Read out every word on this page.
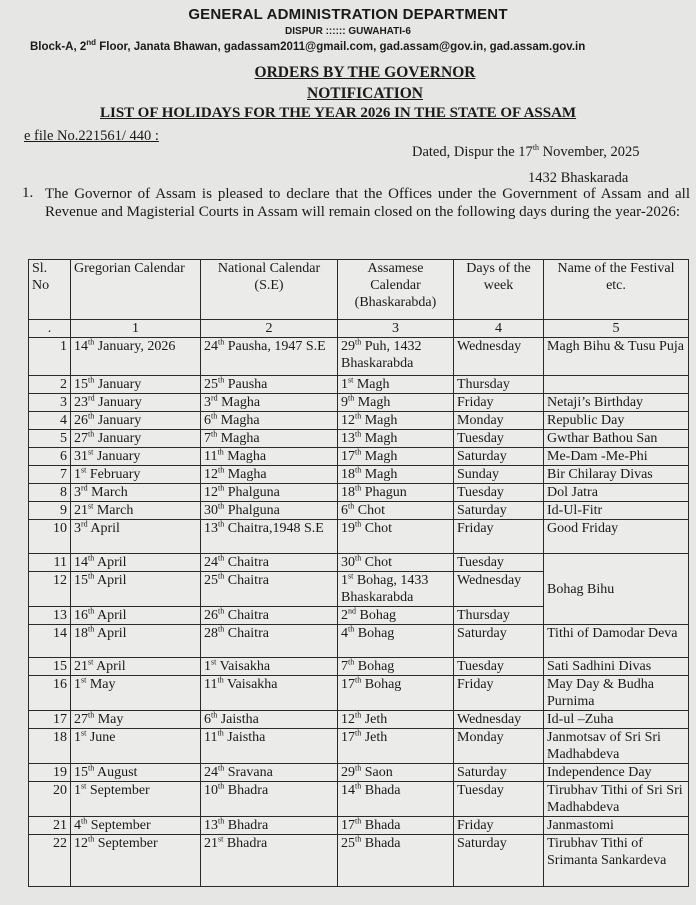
GENERAL ADMINISTRATION DEPARTMENT
DISPUR :::::: GUWAHATI-6
Block-A, 2nd Floor, Janata Bhawan, gadassam2011@gmail.com, gad.assam@gov.in, gad.assam.gov.in
ORDERS BY THE GOVERNOR
NOTIFICATION
LIST OF HOLIDAYS FOR THE YEAR 2026 IN THE STATE OF ASSAM
e file No.221561/ 440 :
Dated, Dispur the 17th November, 2025
1432 Bhaskarada
1. The Governor of Assam is pleased to declare that the Offices under the Government of Assam and all Revenue and Magisterial Courts in Assam will remain closed on the following days during the year-2026:
Sl. No	Gregorian Calendar	National Calendar (S.E)	Assamese Calendar (Bhaskarabda)	Days of the week	Name of the Festival etc.
.	1	2	3	4	5
1	14th January, 2026	24th Pausha, 1947 S.E	29th Puh, 1432 Bhaskarabda	Wednesday	Magh Bihu & Tusu Puja
2	15th January	25th Pausha	1st Magh	Thursday	
3	23rd January	3rd Magha	9th Magh	Friday	Netaji’s Birthday
4	26th January	6th Magha	12th Magh	Monday	Republic Day
5	27th January	7th Magha	13th Magh	Tuesday	Gwthar Bathou San
6	31st January	11th Magha	17th Magh	Saturday	Me-Dam -Me-Phi
7	1st February	12th Magha	18th Magh	Sunday	Bir Chilaray Divas
8	3rd March	12th Phalguna	18th Phagun	Tuesday	Dol Jatra
9	21st March	30th Phalguna	6th Chot	Saturday	Id-Ul-Fitr
10	3rd April	13th Chaitra,1948 S.E	19th Chot	Friday	Good Friday
11	14th April	24th Chaitra	30th Chot	Tuesday	Bohag Bihu
12	15th April	25th Chaitra	1st Bohag, 1433 Bhaskarabda	Wednesday	
13	16th April	26th Chaitra	2nd Bohag	Thursday	
14	18th April	28th Chaitra	4th Bohag	Saturday	Tithi of Damodar Deva
15	21st April	1st Vaisakha	7th Bohag	Tuesday	Sati Sadhini Divas
16	1st May	11th Vaisakha	17th Bohag	Friday	May Day & Budha Purnima
17	27th May	6th Jaistha	12th Jeth	Wednesday	Id-ul –Zuha
18	1st June	11th Jaistha	17th Jeth	Monday	Janmotsav of Sri Sri Madhabdeva
19	15th August	24th Sravana	29th Saon	Saturday	Independence Day
20	1st September	10th Bhadra	14th Bhada	Tuesday	Tirubhav Tithi of Sri Sri Madhabdeva
21	4th September	13th Bhadra	17th Bhada	Friday	Janmastomi
22	12th September	21st Bhadra	25th Bhada	Saturday	Tirubhav Tithi of Srimanta Sankardeva
